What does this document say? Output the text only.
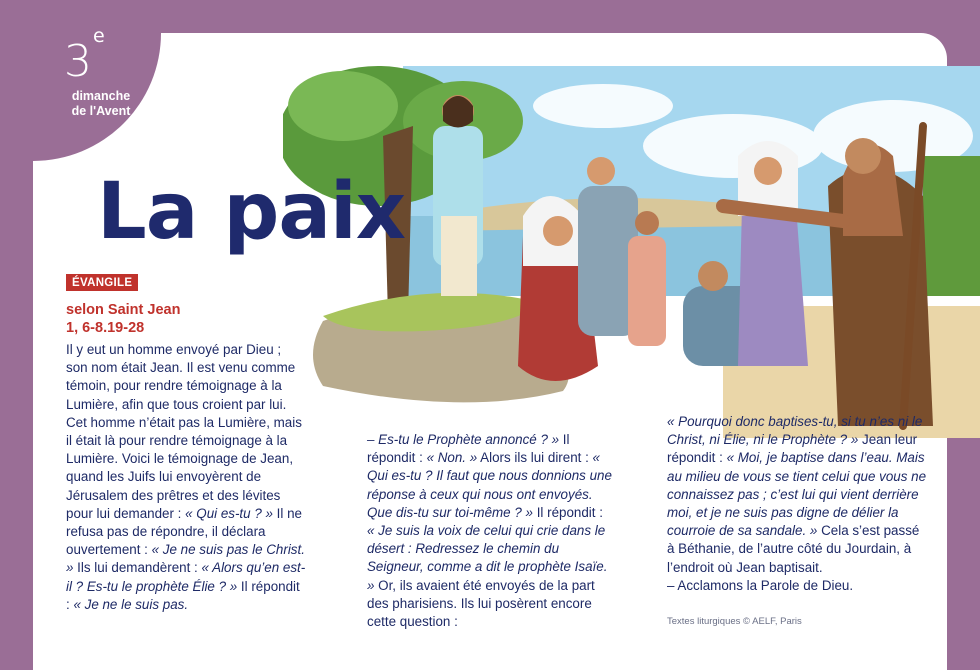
3e
dimanche
de l'Avent
La paix
ÉVANGILE
selon Saint Jean
1, 6-8.19-28
Il y eut un homme envoyé par Dieu ; son nom était Jean. Il est venu comme témoin, pour rendre témoignage à la Lumière, afin que tous croient par lui. Cet homme n’était pas la Lumière, mais il était là pour rendre témoignage à la Lumière. Voici le témoignage de Jean, quand les Juifs lui envoyèrent de Jérusalem des prêtres et des lévites pour lui demander : « Qui es-tu ? » Il ne refusa pas de répondre, il déclara ouvertement : « Je ne suis pas le Christ. » Ils lui demandèrent : « Alors qu’en est-il ? Es-tu le prophète Élie ? » Il répondit : « Je ne le suis pas.
– Es-tu le Prophète annoncé ? » Il répondit : « Non. » Alors ils lui dirent : « Qui es-tu ? Il faut que nous donnions une réponse à ceux qui nous ont envoyés. Que dis-tu sur toi-même ? » Il répondit : « Je suis la voix de celui qui crie dans le désert : Redressez le chemin du Seigneur, comme a dit le prophète Isaïe. » Or, ils avaient été envoyés de la part des pharisiens. Ils lui posèrent encore cette question :
« Pourquoi donc baptises-tu, si tu n’es ni le Christ, ni Élie, ni le Prophète ? » Jean leur répondit : « Moi, je baptise dans l’eau. Mais au milieu de vous se tient celui que vous ne connaissez pas ; c’est lui qui vient derrière moi, et je ne suis pas digne de délier la courroie de sa sandale. » Cela s’est passé à Béthanie, de l’autre côté du Jourdain, à l’endroit où Jean baptisait.
– Acclamons la Parole de Dieu.
Textes liturgiques © AELF, Paris
